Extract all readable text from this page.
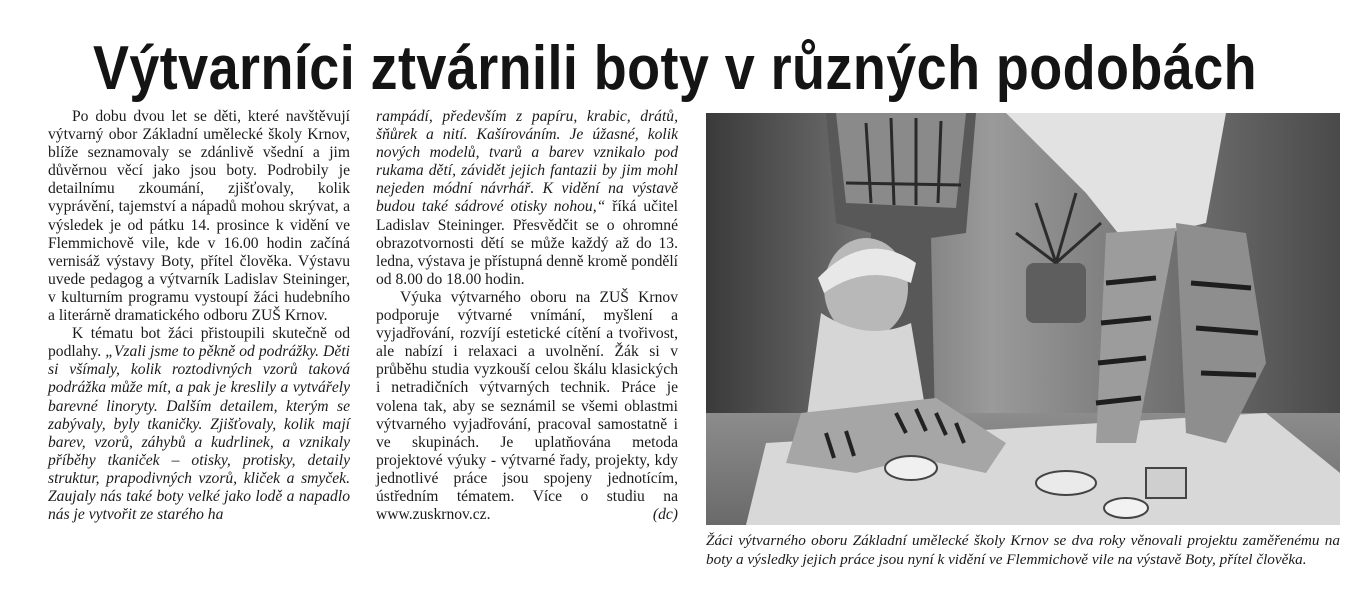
Výtvarníci ztvárnili boty v různých podobách

Po dobu dvou let se děti, které navštěvují výtvarný obor Základní umělecké školy Krnov, blíže seznamovaly se zdánlivě všední a jim důvěrnou věcí jako jsou boty. Podrobily je detailnímu zkoumání, zjišťovaly, kolik vyprávění, tajemství a nápadů mohou skrývat, a výsledek je od pátku 14. prosince k vidění ve Flemmichově vile, kde v 16.00 hodin začíná vernisáž výstavy Boty, přítel člověka. Výstavu uvede pedagog a výtvarník Ladislav Steininger, v kulturním programu vystoupí žáci hudebního a literárně dramatického odboru ZUŠ Krnov.

K tématu bot žáci přistoupili skutečně od podlahy. „Vzali jsme to pěkně od podrážky. Děti si všímaly, kolik roztodivných vzorů taková podrážka může mít, a pak je kreslily a vytvářely barevné linoryty. Dalším detailem, kterým se zabývaly, byly tkaničky. Zjišťovaly, kolik mají barev, vzorů, záhybů a kudrlinek, a vznikaly příběhy tkaniček – otisky, protisky, detaily struktur, prapodivných vzorů, kliček a smyček. Zaujaly nás také boty velké jako lodě a napadlo nás je vytvořit ze starého ha

rampádí, především z papíru, krabic, drátů, šňůrek a nití. Kašírováním. Je úžasné, kolik nových modelů, tvarů a barev vznikalo pod rukama dětí, závidět jejich fantazii by jim mohl nejeden módní návrhář. K vidění na výstavě budou také sádrové otisky nohou,“ říká učitel Ladislav Steininger. Přesvědčit se o ohromné obrazotvornosti dětí se může každý až do 13. ledna, výstava je přístupná denně kromě pondělí od 8.00 do 18.00 hodin.

Výuka výtvarného oboru na ZUŠ Krnov podporuje výtvarné vnímání, myšlení a vyjadřování, rozvíjí estetické cítění a tvořivost, ale nabízí i relaxaci a uvolnění. Žák si v průběhu studia vyzkouší celou škálu klasických i netradičních výtvarných technik. Práce je volena tak, aby se seznámil se všemi oblastmi výtvarného vyjadřování, pracoval samostatně i ve skupinách. Je uplatňována metoda projektové výuky - výtvarné řady, projekty, kdy jednotlivé práce jsou spojeny jednotícím, ústředním tématem. Více o studiu na www.zuskrnov.cz.	(dc)

Žáci výtvarného oboru Základní umělecké školy Krnov se dva roky věnovali projektu zaměřenému na boty a výsledky jejich práce jsou nyní k vidění ve Flemmichově vile na výstavě Boty, přítel člověka.
